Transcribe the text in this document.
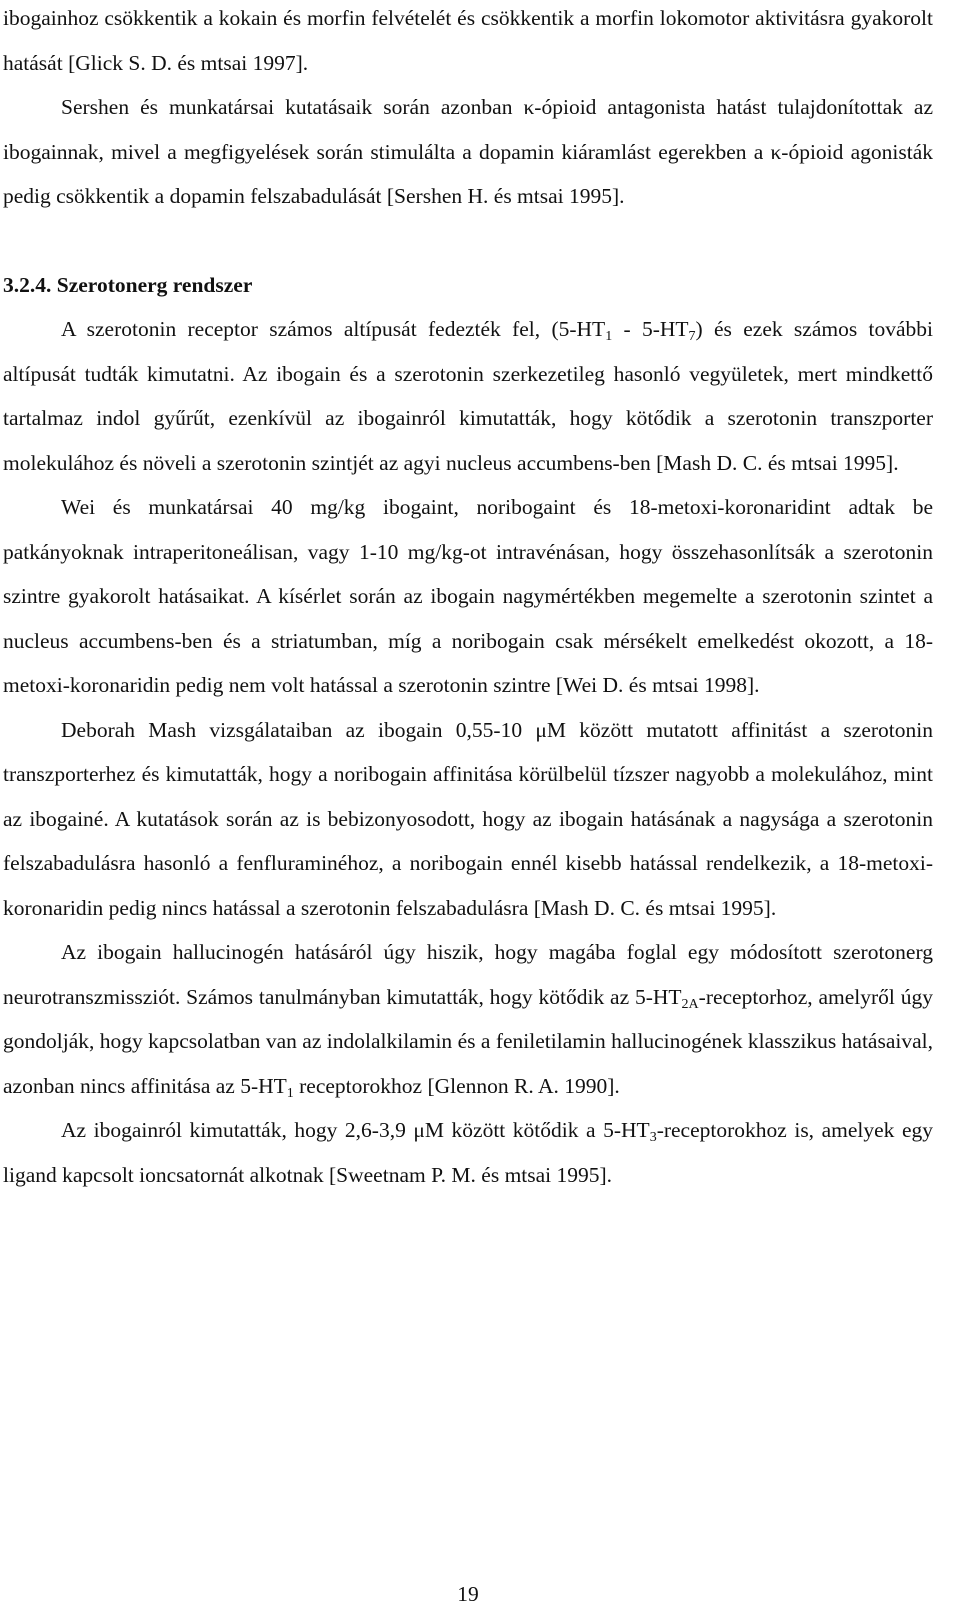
ibogainhoz csökkentik a kokain és morfin felvételét és csökkentik a morfin lokomotor aktivitásra gyakorolt hatását [Glick S. D. és mtsai 1997].

Sershen és munkatársai kutatásaik során azonban κ-ópioid antagonista hatást tulajdonítottak az ibogainnak, mivel a megfigyelések során stimulálta a dopamin kiáramlást egerekben a κ-ópioid agonisták pedig csökkentik a dopamin felszabadulását [Sershen H. és mtsai 1995].

3.2.4. Szerotonerg rendszer

A szerotonin receptor számos altípusát fedezték fel, $(5-HT_1 - 5-HT_7)$ és ezek számos további altípusát tudták kimutatni. Az ibogain és a szerotonin szerkezetileg hasonló vegyületek, mert mindkettő tartalmaz indol gyűrűt, ezenkívül az ibogainról kimutatták, hogy kötődik a szerotonin transzporter molekulához és növeli a szerotonin szintjét az agyi nucleus accumbens-ben [Mash D. C. és mtsai 1995].

Wei és munkatársai 40 mg/kg ibogaint, noribogaint és 18-metoxi-koronaridint adtak be patkányoknak intraperitoneálisan, vagy 1-10 mg/kg-ot intravénásan, hogy összehasonlítsák a szerotonin szintre gyakorolt hatásaikat. A kísérlet során az ibogain nagymértékben megemelte a szerotonin szintet a nucleus accumbens-ben és a striatumban, míg a noribogain csak mérsékelt emelkedést okozott, a 18-metoxi-koronaridin pedig nem volt hatással a szerotonin szintre [Wei D. és mtsai 1998].

Deborah Mash vizsgálataiban az ibogain 0,55-10 μM között mutatott affinitást a szerotonin transzporterhez és kimutatták, hogy a noribogain affinitása körülbelül tízszer nagyobb a molekulához, mint az ibogainé. A kutatások során az is bebizonyosodott, hogy az ibogain hatásának a nagysága a szerotonin felszabadulásra hasonló a fenfluraminéhoz, a noribogain ennél kisebb hatással rendelkezik, a 18-metoxi-koronaridin pedig nincs hatással a szerotonin felszabadulásra [Mash D. C. és mtsai 1995].

Az ibogain hallucinogén hatásáról úgy hiszik, hogy magába foglal egy módosított szerotonerg neurotranszmissziót. Számos tanulmányban kimutatták, hogy kötődik az $5-HT_{2A}$-receptorhoz, amelyről úgy gondolják, hogy kapcsolatban van az indolalkilamin és a feniletilamin hallucinogének klasszikus hatásaival, azonban nincs affinitása az $5-HT_1$ receptorokhoz [Glennon R. A. 1990].

Az ibogainról kimutatták, hogy 2,6-3,9 μM között kötődik a $5-HT_3$-receptorokhoz is, amelyek egy ligand kapcsolt ioncsatornát alkotnak [Sweetnam P. M. és mtsai 1995].

19
